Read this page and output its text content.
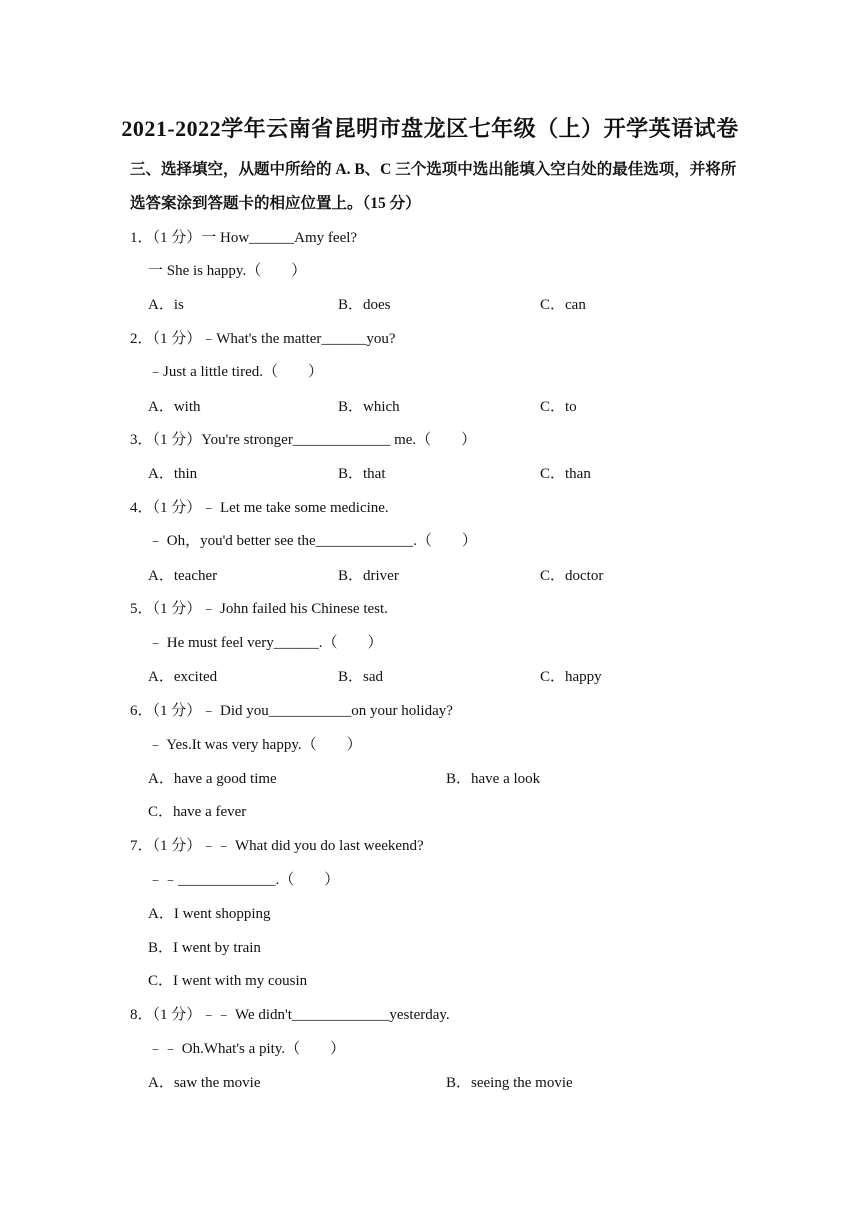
2021-2022学年云南省昆明市盘龙区七年级（上）开学英语试卷
三、选择填空，从题中所给的 A. B、C 三个选项中选出能填入空白处的最佳选项，并将所
选答案涂到答题卡的相应位置上。（15 分）
1．（1 分）一 How______Amy feel?
一 She is happy.（　　）
A．is	B．does	C．can
2．（1 分）﹣What's the matter______you?
﹣Just a little tired.（　　）
A．with	B．which	C．to
3．（1 分）You're stronger_____________ me.（　　）
A．thin	B．that	C．than
4．（1 分）﹣ Let me take some medicine.
﹣ Oh，you'd better see the_____________.（　　）
A．teacher	B．driver	C．doctor
5．（1 分）﹣ John failed his Chinese test.
﹣ He must feel very______.（　　）
A．excited	B．sad	C．happy
6．（1 分）﹣ Did you___________on your holiday?
﹣ Yes.It was very happy.（　　）
A．have a good time	B．have a look
C．have a fever
7．（1 分）﹣﹣ What did you do last weekend?
﹣﹣_____________.（　　）
A．I went shopping
B．I went by train
C．I went with my cousin
8．（1 分）﹣﹣ We didn't_____________yesterday.
﹣﹣ Oh.What's a pity.（　　）
A．saw the movie	B．seeing the movie
